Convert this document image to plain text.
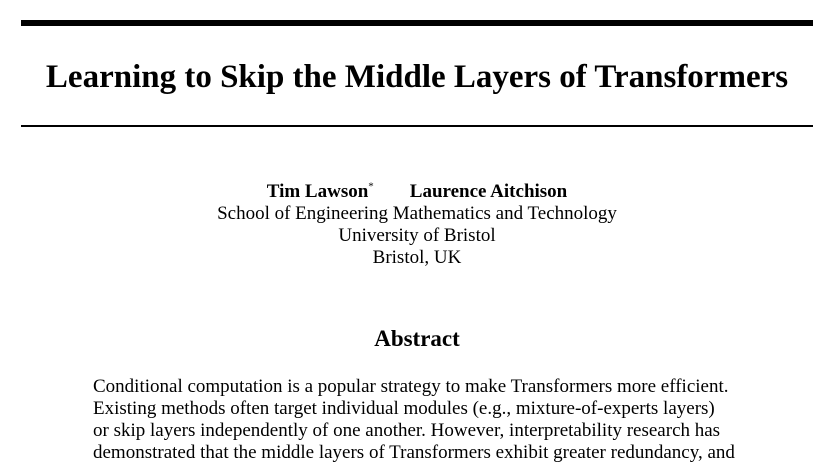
Learning to Skip the Middle Layers of Transformers
Tim Lawson* Laurence Aitchison
School of Engineering Mathematics and Technology
University of Bristol
Bristol, UK
Abstract
Conditional computation is a popular strategy to make Transformers more efficient.
Existing methods often target individual modules (e.g., mixture-of-experts layers)
or skip layers independently of one another. However, interpretability research has
demonstrated that the middle layers of Transformers exhibit greater redundancy, and
